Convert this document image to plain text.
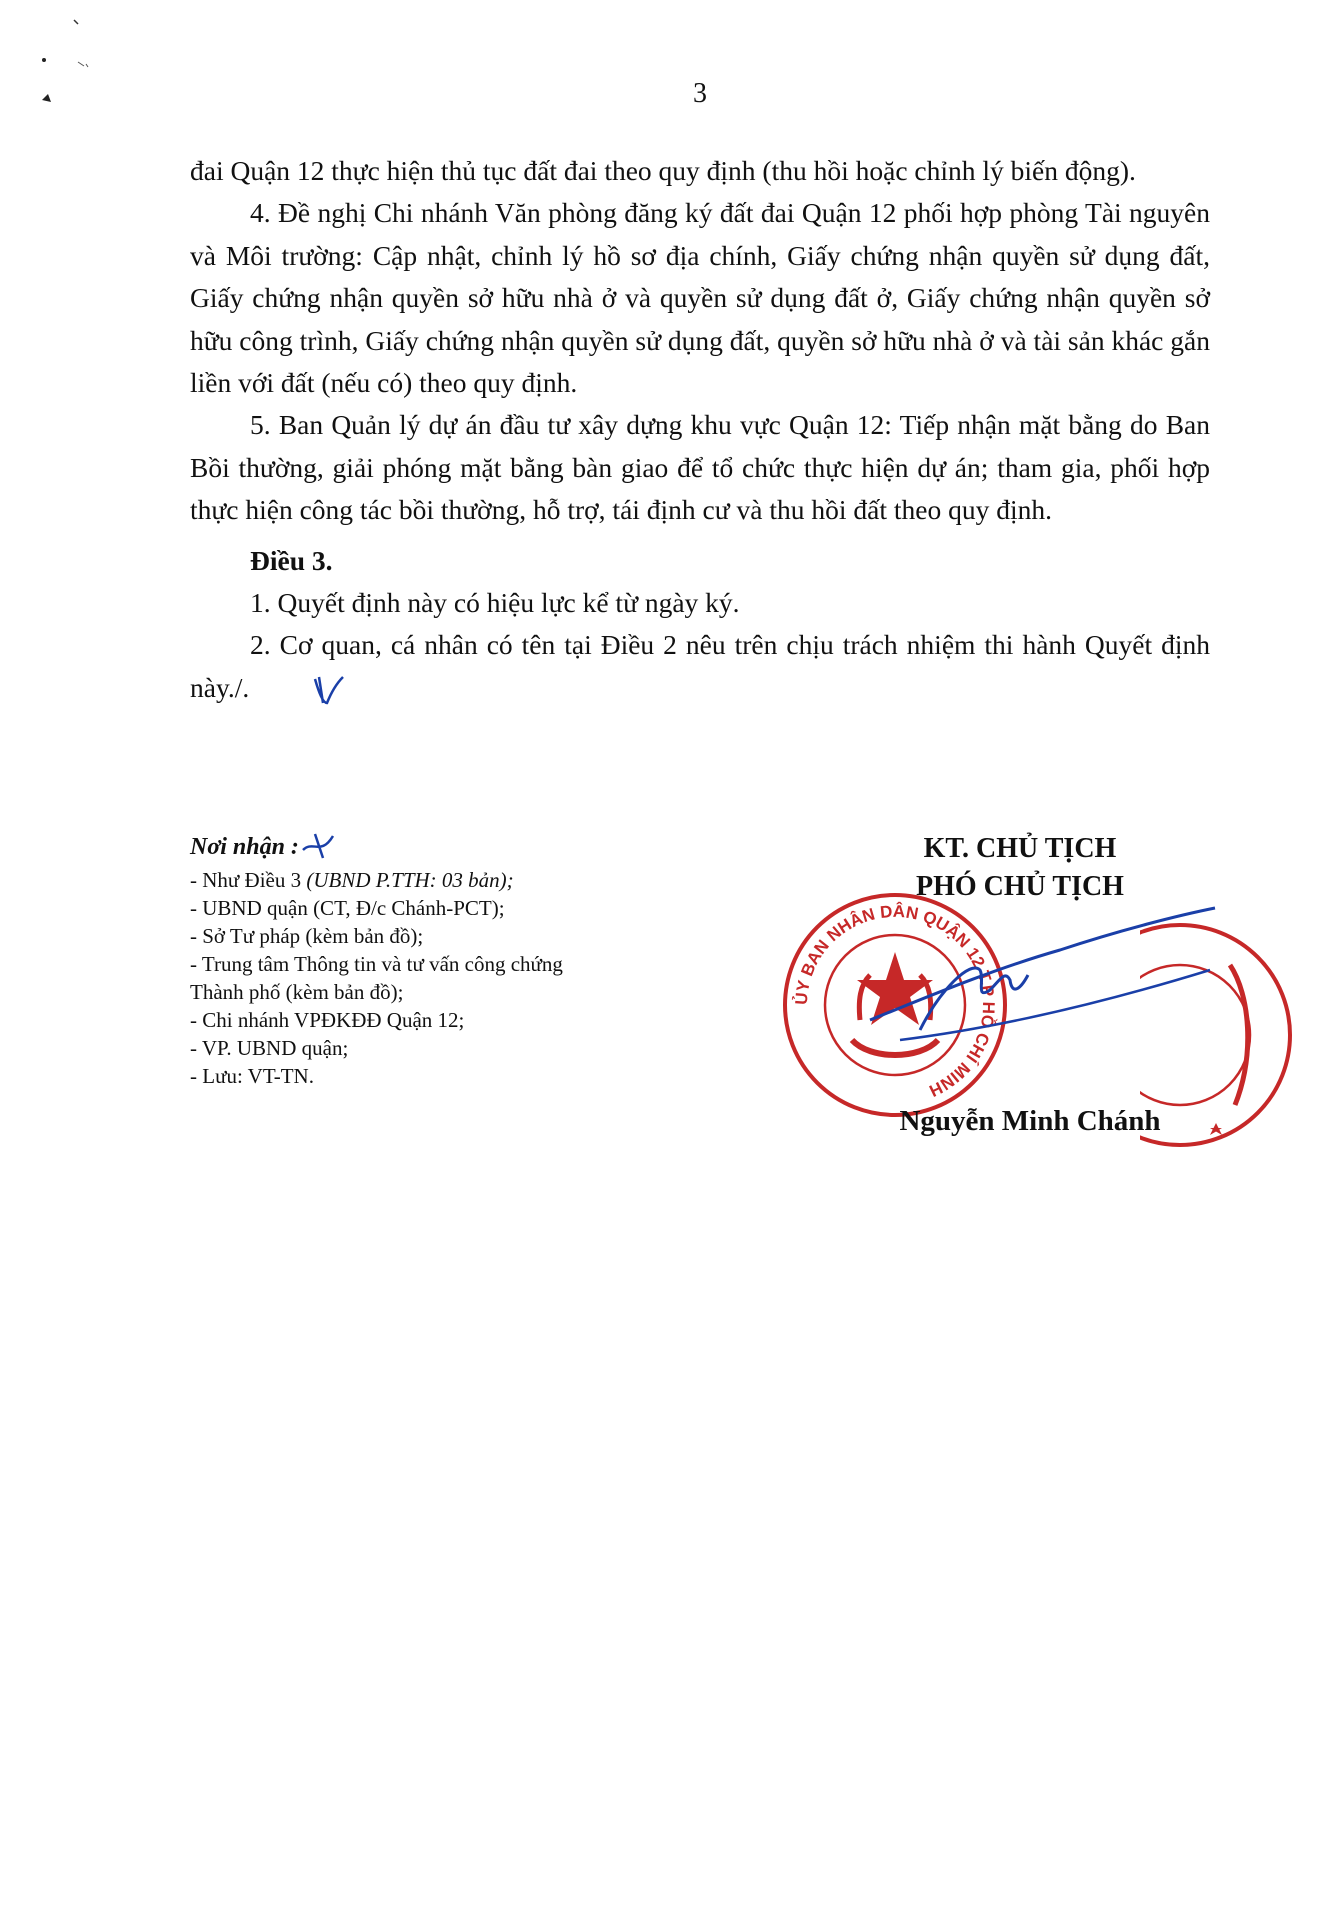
3

đai Quận 12 thực hiện thủ tục đất đai theo quy định (thu hồi hoặc chỉnh lý biến động).

4. Đề nghị Chi nhánh Văn phòng đăng ký đất đai Quận 12 phối hợp phòng Tài nguyên và Môi trường: Cập nhật, chỉnh lý hồ sơ địa chính, Giấy chứng nhận quyền sử dụng đất, Giấy chứng nhận quyền sở hữu nhà ở và quyền sử dụng đất ở, Giấy chứng nhận quyền sở hữu công trình, Giấy chứng nhận quyền sử dụng đất, quyền sở hữu nhà ở và tài sản khác gắn liền với đất (nếu có) theo quy định.

5. Ban Quản lý dự án đầu tư xây dựng khu vực Quận 12: Tiếp nhận mặt bằng do Ban Bồi thường, giải phóng mặt bằng bàn giao để tổ chức thực hiện dự án; tham gia, phối hợp thực hiện công tác bồi thường, hỗ trợ, tái định cư và thu hồi đất theo quy định.

Điều 3.

1. Quyết định này có hiệu lực kể từ ngày ký.

2. Cơ quan, cá nhân có tên tại Điều 2 nêu trên chịu trách nhiệm thi hành Quyết định này./.

Nơi nhận :
- Như Điều 3 (UBND P.TTH: 03 bản);
- UBND quận (CT, Đ/c Chánh-PCT);
- Sở Tư pháp (kèm bản đồ);
- Trung tâm Thông tin và tư vấn công chứng Thành phố (kèm bản đồ);
- Chi nhánh VPĐKĐĐ Quận 12;
- VP. UBND quận;
- Lưu: VT-TN.
ỦY BAN NHÂN DÂN QUẬN 12 T.P HỒ CHÍ MINH
KT. CHỦ TỊCH
PHÓ CHỦ TỊCH
Nguyễn Minh Chánh
